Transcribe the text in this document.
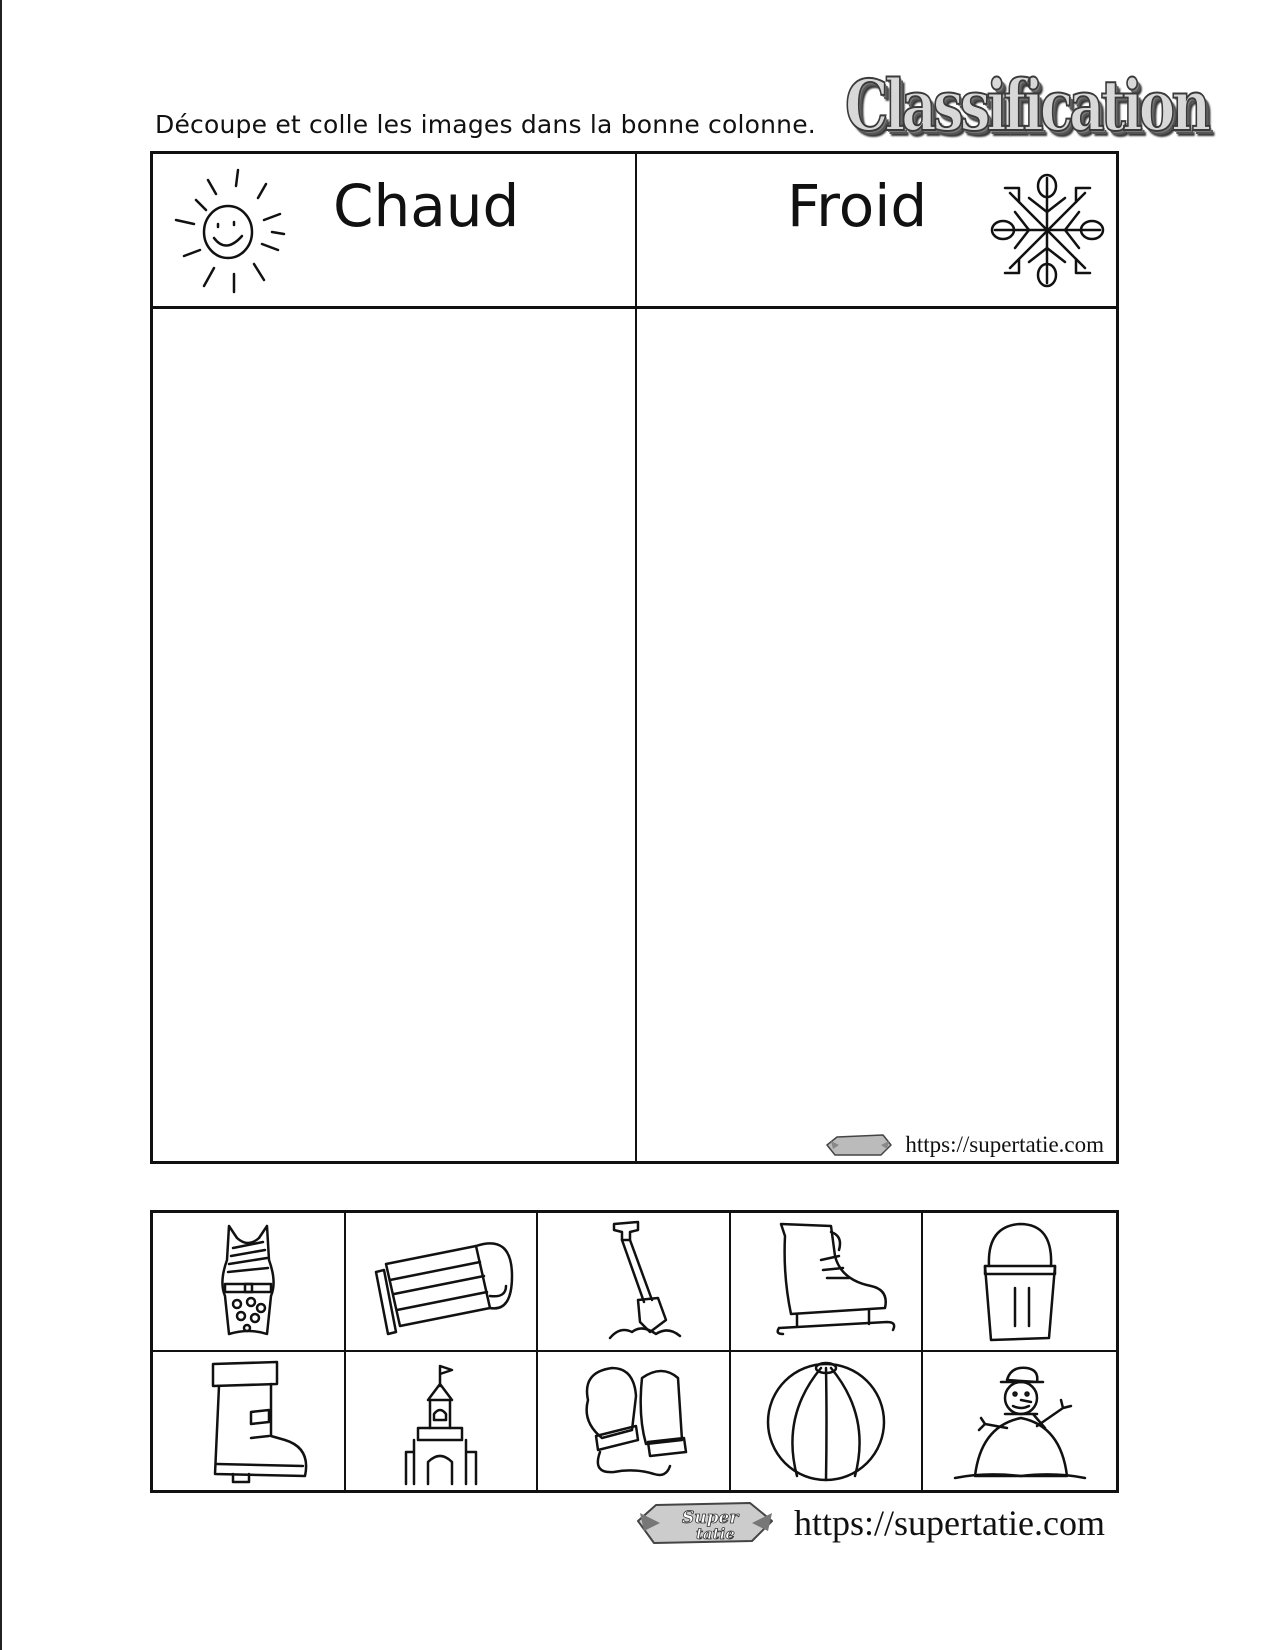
Découpe et colle les images dans la bonne colonne. Classification
Chaud	Froid
https://supertatie.com
Super
tatie https://supertatie.com
